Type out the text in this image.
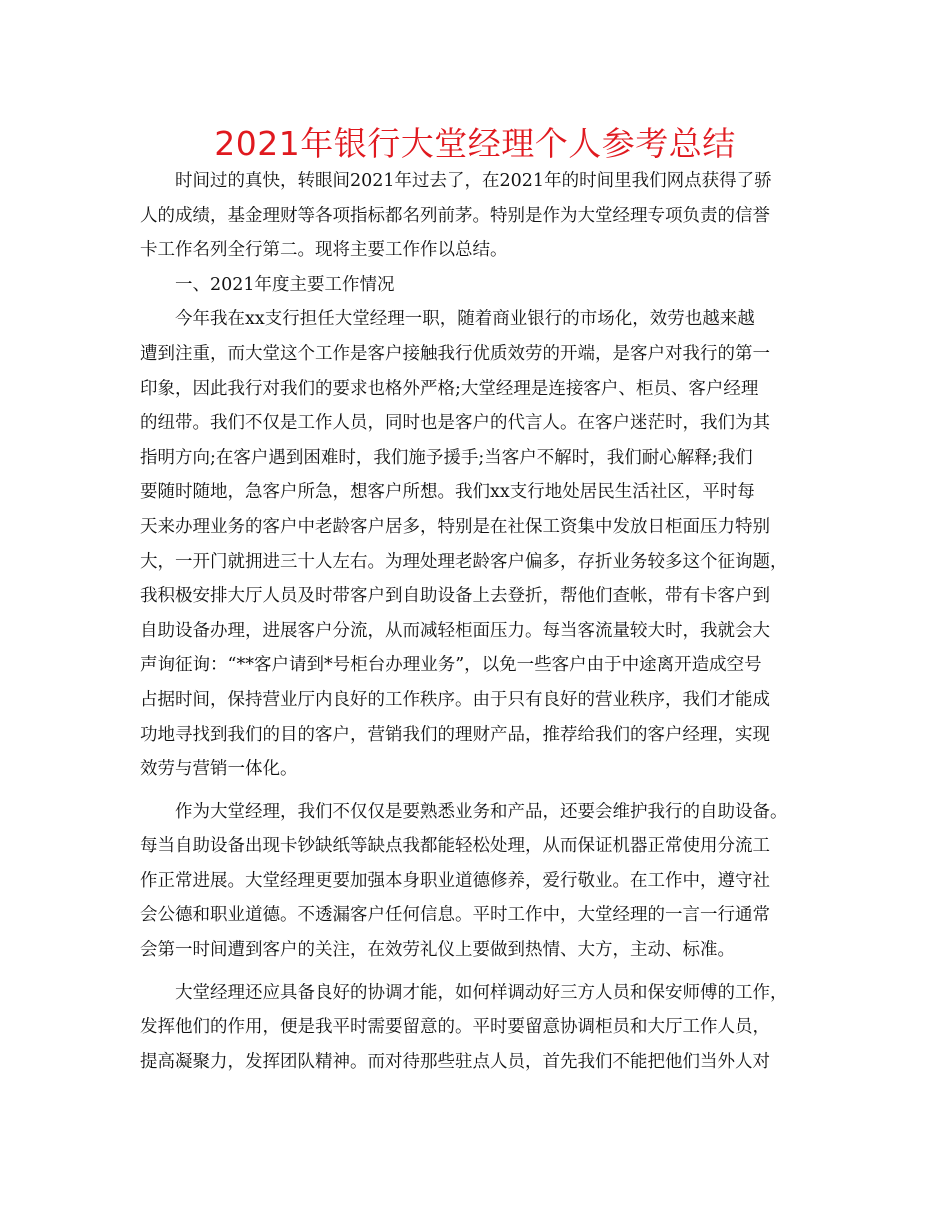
2021年银行大堂经理个人参考总结

时间过的真快，转眼间2021年过去了，在2021年的时间里我们网点获得了骄
人的成绩，基金理财等各项指标都名列前茅。特别是作为大堂经理专项负责的信誉
卡工作名列全行第二。现将主要工作作以总结。

一、2021年度主要工作情况

今年我在xx支行担任大堂经理一职，随着商业银行的市场化，效劳也越来越
遭到注重，而大堂这个工作是客户接触我行优质效劳的开端，是客户对我行的第一
印象，因此我行对我们的要求也格外严格;大堂经理是连接客户、柜员、客户经理
的纽带。我们不仅是工作人员，同时也是客户的代言人。在客户迷茫时，我们为其
指明方向;在客户遇到困难时，我们施予援手;当客户不解时，我们耐心解释;我们
要随时随地，急客户所急，想客户所想。我们xx支行地处居民生活社区，平时每
天来办理业务的客户中老龄客户居多，特别是在社保工资集中发放日柜面压力特别
大，一开门就拥进三十人左右。为理处理老龄客户偏多，存折业务较多这个征询题，
我积极安排大厅人员及时带客户到自助设备上去登折，帮他们查帐，带有卡客户到
自助设备办理，进展客户分流，从而减轻柜面压力。每当客流量较大时，我就会大
声询征询：“**客户请到*号柜台办理业务”，以免一些客户由于中途离开造成空号
占据时间，保持营业厅内良好的工作秩序。由于只有良好的营业秩序，我们才能成
功地寻找到我们的目的客户，营销我们的理财产品，推荐给我们的客户经理，实现
效劳与营销一体化。

作为大堂经理，我们不仅仅是要熟悉业务和产品，还要会维护我行的自助设备。
每当自助设备出现卡钞缺纸等缺点我都能轻松处理，从而保证机器正常使用分流工
作正常进展。大堂经理更要加强本身职业道德修养，爱行敬业。在工作中，遵守社
会公德和职业道德。不透漏客户任何信息。平时工作中，大堂经理的一言一行通常
会第一时间遭到客户的关注，在效劳礼仪上要做到热情、大方，主动、标准。

大堂经理还应具备良好的协调才能，如何样调动好三方人员和保安师傅的工作，
发挥他们的作用，便是我平时需要留意的。平时要留意协调柜员和大厅工作人员，
提高凝聚力，发挥团队精神。而对待那些驻点人员，首先我们不能把他们当外人对
